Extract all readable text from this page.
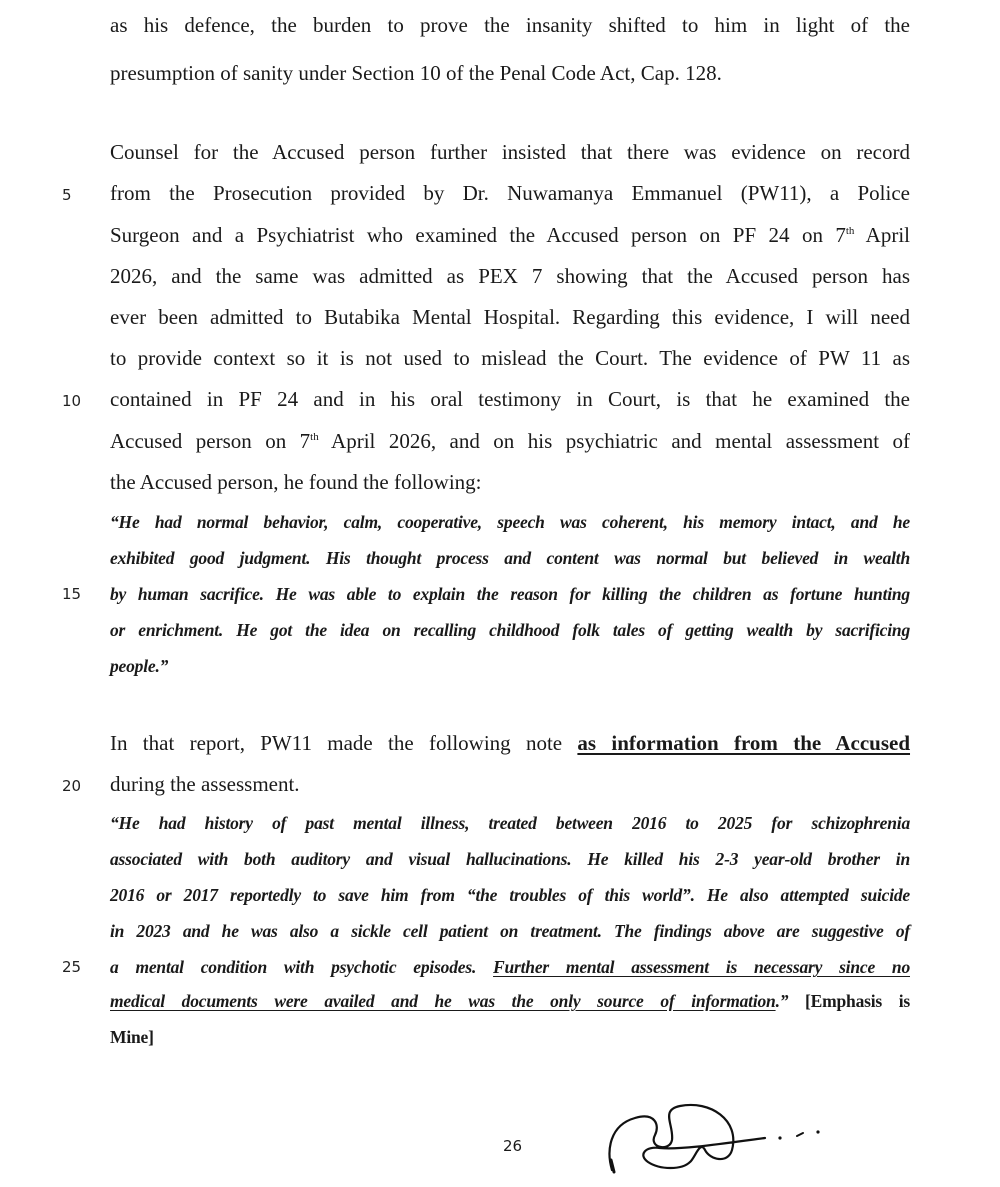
as his defence, the burden to prove the insanity shifted to him in light of the
presumption of sanity under Section 10 of the Penal Code Act, Cap. 128.
Counsel for the Accused person further insisted that there was evidence on record
5	from the Prosecution provided by Dr. Nuwamanya Emmanuel (PW11), a Police
Surgeon and a Psychiatrist who examined the Accused person on PF 24 on 7th April
2026, and the same was admitted as PEX 7 showing that the Accused person has
ever been admitted to Butabika Mental Hospital. Regarding this evidence, I will need
to provide context so it is not used to mislead the Court. The evidence of PW 11 as
10	contained in PF 24 and in his oral testimony in Court, is that he examined the
Accused person on 7th April 2026, and on his psychiatric and mental assessment of
the Accused person, he found the following:
“He had normal behavior, calm, cooperative, speech was coherent, his memory intact, and he
exhibited good judgment. His thought process and content was normal but believed in wealth
15	by human sacrifice. He was able to explain the reason for killing the children as fortune hunting
or enrichment. He got the idea on recalling childhood folk tales of getting wealth by sacrificing
people.”
In that report, PW11 made the following note as information from the Accused
20	during the assessment.
“He had history of past mental illness, treated between 2016 to 2025 for schizophrenia
associated with both auditory and visual hallucinations. He killed his 2-3 year-old brother in
2016 or 2017 reportedly to save him from “the troubles of this world”. He also attempted suicide
in 2023 and he was also a sickle cell patient on treatment. The findings above are suggestive of
25	a mental condition with psychotic episodes. Further mental assessment is necessary since no
medical documents were availed and he was the only source of information.” [Emphasis is
Mine]
26
